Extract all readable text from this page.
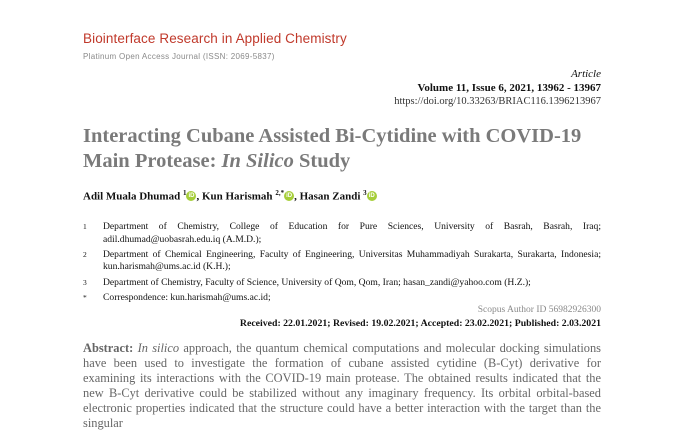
Biointerface Research in Applied Chemistry
Platinum Open Access Journal (ISSN: 2069-5837)
Article
Volume 11, Issue 6, 2021, 13962 - 13967
https://doi.org/10.33263/BRIAC116.1396213967
Interacting Cubane Assisted Bi-Cytidine with COVID-19
Main Protease: In Silico Study
Adil Muala Dhumad $^1$ iD , Kun Harismah $^{2,*}$ iD , Hasan Zandi $^3$ iD
1	Department of Chemistry, College of Education for Pure Sciences, University of Basrah, Basrah, Iraq; adil.dhumad@uobasrah.edu.iq (A.M.D.);
2	Department of Chemical Engineering, Faculty of Engineering, Universitas Muhammadiyah Surakarta, Surakarta, Indonesia; kun.harismah@ums.ac.id (K.H.);
3	Department of Chemistry, Faculty of Science, University of Qom, Qom, Iran; hasan_zandi@yahoo.com (H.Z.);
*	Correspondence: kun.harismah@ums.ac.id;
Scopus Author ID 56982926300
Received: 22.01.2021; Revised: 19.02.2021; Accepted: 23.02.2021; Published: 2.03.2021
Abstract: In silico approach, the quantum chemical computations and molecular docking simulations have been used to investigate the formation of cubane assisted cytidine (B-Cyt) derivative for examining its interactions with the COVID-19 main protease. The obtained results indicated that the new B-Cyt derivative could be stabilized without any imaginary frequency. Its orbital orbital-based electronic properties indicated that the structure could have a better interaction with the target than the singular
